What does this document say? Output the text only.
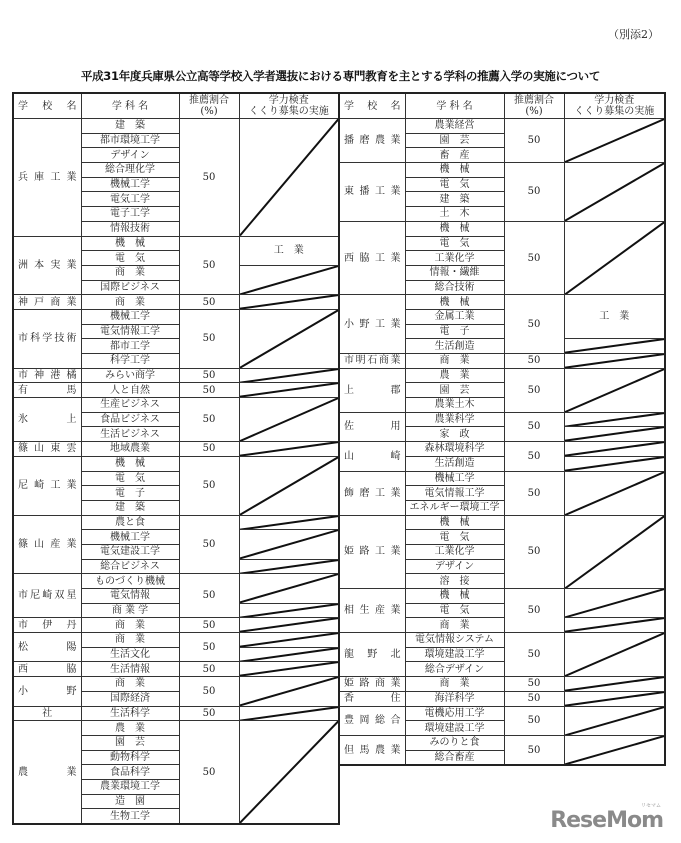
（別添2）
平成31年度兵庫県公立高等学校入学者選抜における専門教育を主とする学科の推薦入学の実施について
学　校　名	学 科 名	推薦割合
(%)	学力検査
くくり募集の実施
兵庫工業	建　築	50	

	都市環境工学		
	デザイン		
	総合理化学		
	機械工学		
	電気工学		
	電子工学		
	情報技術		
洲本実業	機　械	50	工　業
	電　気		
	商　業	

	国際ビジネス		
神戸商業	商　業	50	

市科学技術	機械工学	50	

	電気情報工学		
	都市工学		
	科学工学		
市神港橘	みらい商学	50	

有馬	人と自然	50	

氷上	生産ビジネス	50	

	食品ビジネス		
	生活ビジネス		
篠山東雲	地域農業	50	

尼崎工業	機　械	50	

	電　気		
	電　子		
	建　築		
篠山産業	農と食	50	

	機械工学	

	電気建設工学		
	総合ビジネス	

市尼崎双星	ものづくり機械	50	

	電気情報		
	商 業 学	

市伊丹	商　業	50	

松陽	商　業	50	

	生活文化	

西脇	生活情報	50	

小野	商　業	50	

	国際経済		
社	生活科学	50	

農業	農　業	50	

	園　芸		
	動物科学		
	食品科学		
	農業環境工学		
	造　園		
	生物工学		
学　校　名	学 科 名	推薦割合
(%)	学力検査
くくり募集の実施
播磨農業	農業経営	50	

	園　芸		
	畜　産		
東播工業	機　械	50	

	電　気		
	建　築		
	土　木		
西脇工業	機　械	50	

	電　気		
	工業化学		
	情報・繊維		
	総合技術		
小野工業	機　械	50	工　業
	金属工業		
	電　子		
	生活創造	

市明石商業	商　業	50	

上郡	農　業	50	

	園　芸		
	農業土木		
佐用	農業科学	50	

	家　政	

山崎	森林環境科学	50	

	生活創造	

飾磨工業	機械工学	50	

	電気情報工学		
	エネルギー環境工学		
姫路工業	機　械	50	

	電　気		
	工業化学		
	デザイン		
	溶　接		
相生産業	機　械	50	

	電　気		
	商　業	

龍野北	電気情報システム	50	

	環境建設工学		
	総合デザイン		
姫路商業	商　業	50	

香住	海洋科学	50	

豊岡総合	電機応用工学	50	

	環境建設工学		
但馬農業	みのりと食	50	

	総合畜産		
リセマム
ReseMom
